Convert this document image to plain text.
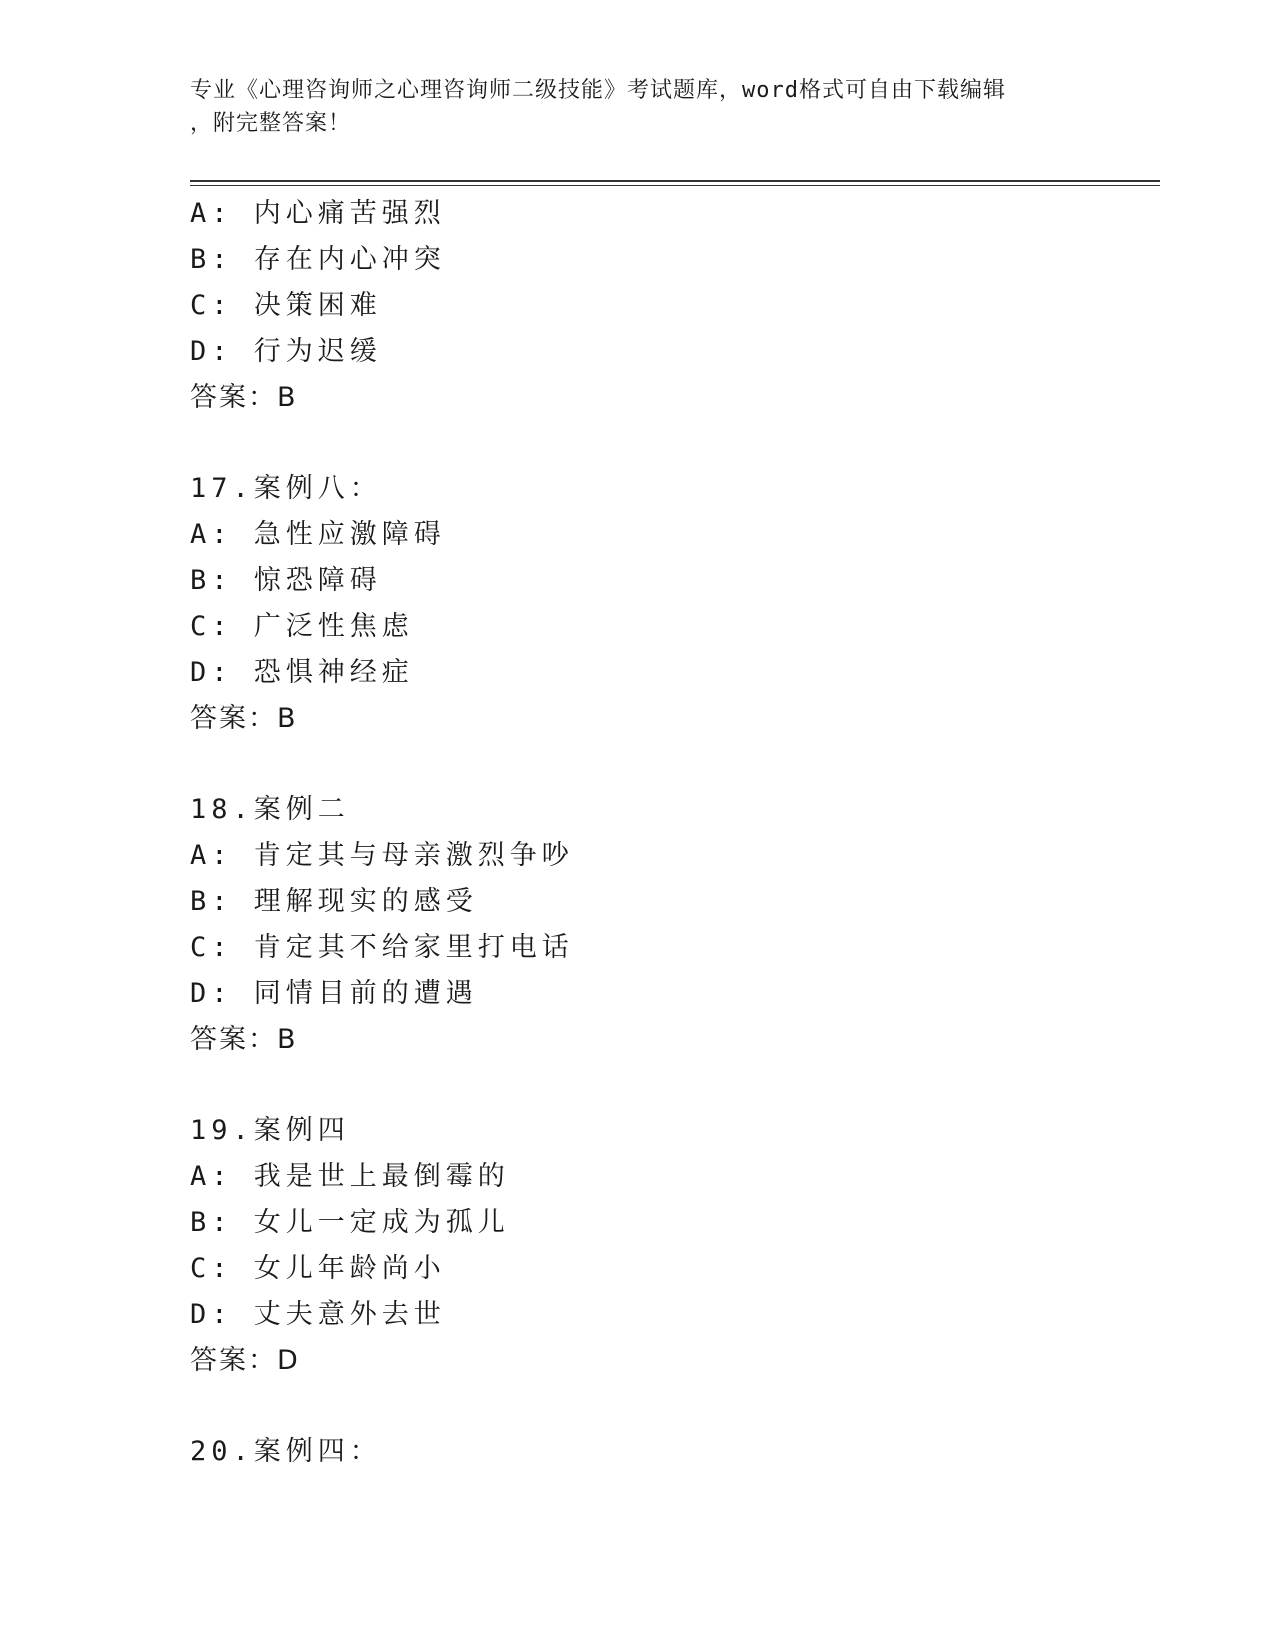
专业《心理咨询师之心理咨询师二级技能》考试题库，word格式可自由下载编辑
，附完整答案！
A: 内心痛苦强烈
B: 存在内心冲突
C: 决策困难
D: 行为迟缓
答案：B
17.案例八：
A: 急性应激障碍
B: 惊恐障碍
C: 广泛性焦虑
D: 恐惧神经症
答案：B
18.案例二
A: 肯定其与母亲激烈争吵
B: 理解现实的感受
C: 肯定其不给家里打电话
D: 同情目前的遭遇
答案：B
19.案例四
A: 我是世上最倒霉的
B: 女儿一定成为孤儿
C: 女儿年龄尚小
D: 丈夫意外去世
答案：D
20.案例四：
